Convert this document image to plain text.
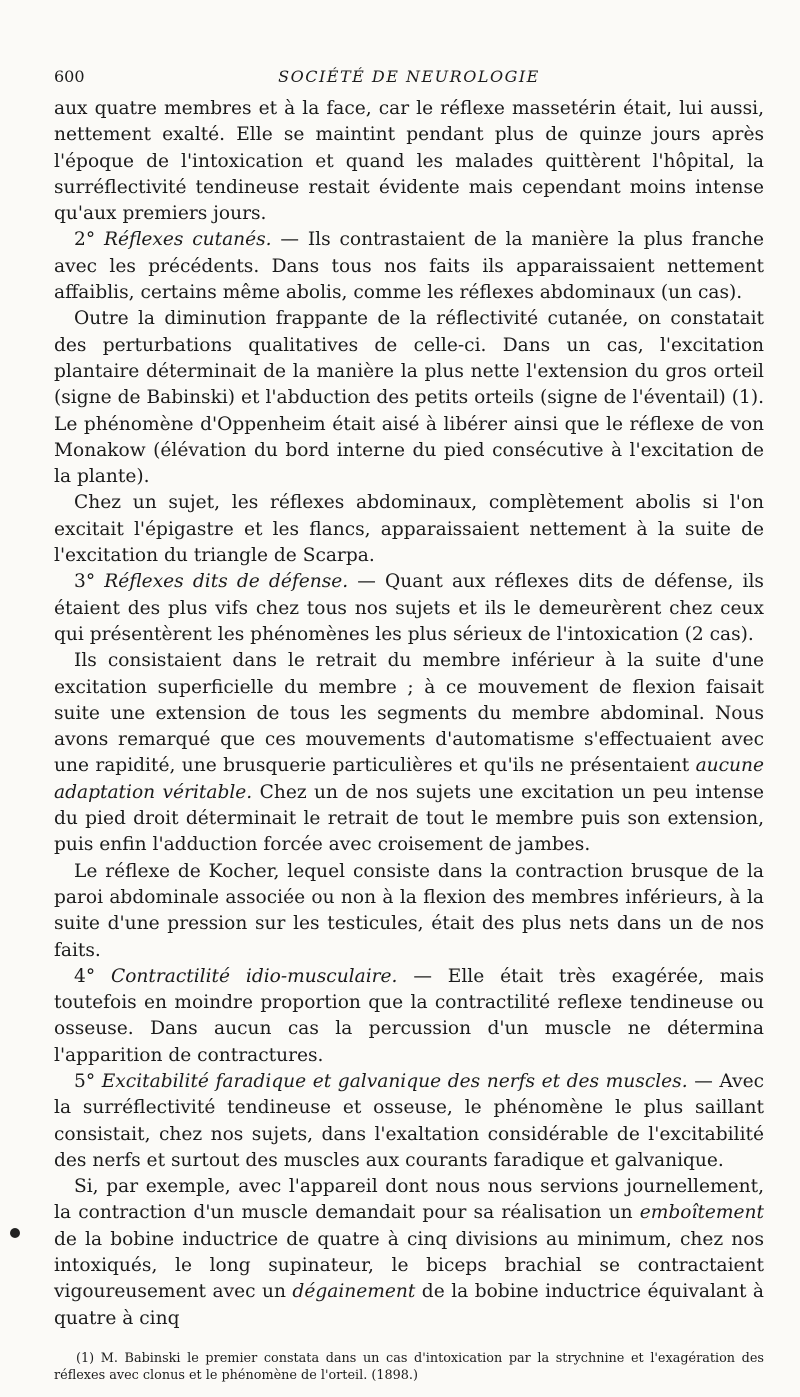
600	SOCIÉTÉ DE NEUROLOGIE

aux quatre membres et à la face, car le réflexe massetérin était, lui aussi, nettement exalté. Elle se maintint pendant plus de quinze jours après l'époque de l'intoxication et quand les malades quittèrent l'hôpital, la surréflectivité tendineuse restait évidente mais cependant moins intense qu'aux premiers jours.

2° Réflexes cutanés. — Ils contrastaient de la manière la plus franche avec les précédents. Dans tous nos faits ils apparaissaient nettement affaiblis, certains même abolis, comme les réflexes abdominaux (un cas).

Outre la diminution frappante de la réflectivité cutanée, on constatait des perturbations qualitatives de celle-ci. Dans un cas, l'excitation plantaire déterminait de la manière la plus nette l'extension du gros orteil (signe de Babinski) et l'abduction des petits orteils (signe de l'éventail) (1). Le phénomène d'Oppenheim était aisé à libérer ainsi que le réflexe de von Monakow (élévation du bord interne du pied consécutive à l'excitation de la plante).

Chez un sujet, les réflexes abdominaux, complètement abolis si l'on excitait l'épigastre et les flancs, apparaissaient nettement à la suite de l'excitation du triangle de Scarpa.

3° Réflexes dits de défense. — Quant aux réflexes dits de défense, ils étaient des plus vifs chez tous nos sujets et ils le demeurèrent chez ceux qui présentèrent les phénomènes les plus sérieux de l'intoxication (2 cas).

Ils consistaient dans le retrait du membre inférieur à la suite d'une excitation superficielle du membre ; à ce mouvement de flexion faisait suite une extension de tous les segments du membre abdominal. Nous avons remarqué que ces mouvements d'automatisme s'effectuaient avec une rapidité, une brusquerie particulières et qu'ils ne présentaient aucune adaptation véritable. Chez un de nos sujets une excitation un peu intense du pied droit déterminait le retrait de tout le membre puis son extension, puis enfin l'adduction forcée avec croisement de jambes.

Le réflexe de Kocher, lequel consiste dans la contraction brusque de la paroi abdominale associée ou non à la flexion des membres inférieurs, à la suite d'une pression sur les testicules, était des plus nets dans un de nos faits.

4° Contractilité idio-musculaire. — Elle était très exagérée, mais toutefois en moindre proportion que la contractilité reflexe tendineuse ou osseuse. Dans aucun cas la percussion d'un muscle ne détermina l'apparition de contractures.

5° Excitabilité faradique et galvanique des nerfs et des muscles. — Avec la surréflectivité tendineuse et osseuse, le phénomène le plus saillant consistait, chez nos sujets, dans l'exaltation considérable de l'excitabilité des nerfs et surtout des muscles aux courants faradique et galvanique.

Si, par exemple, avec l'appareil dont nous nous servions journellement, la contraction d'un muscle demandait pour sa réalisation un emboîtement de la bobine inductrice de quatre à cinq divisions au minimum, chez nos intoxiqués, le long supinateur, le biceps brachial se contractaient vigoureusement avec un dégainement de la bobine inductrice équivalant à quatre à cinq

(1) M. Babinski le premier constata dans un cas d'intoxication par la strychnine et l'exagération des réflexes avec clonus et le phénomène de l'orteil. (1898.)
